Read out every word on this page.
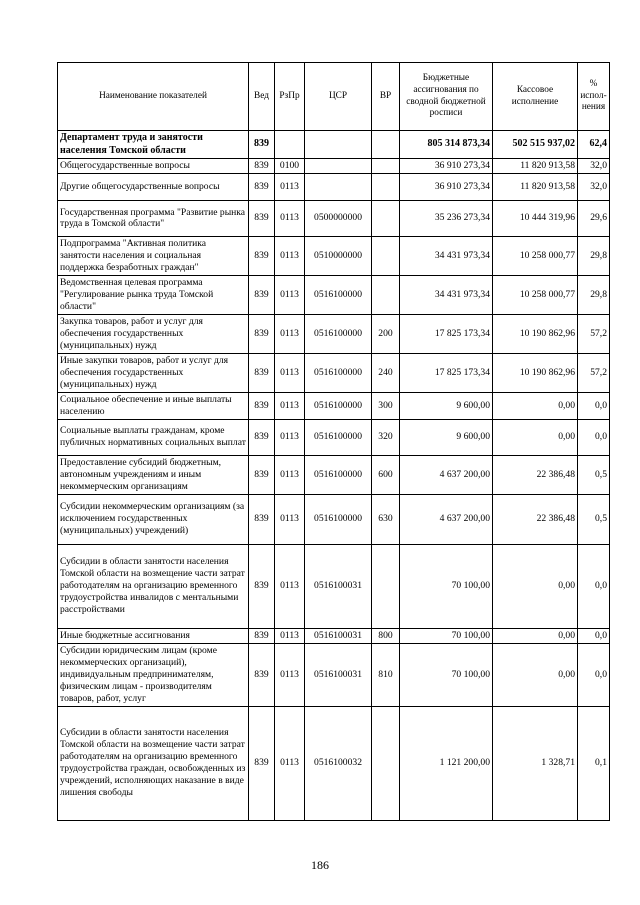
Наименование показателей	Вед	РзПр	ЦСР	ВР	Бюджетные ассигнования по сводной бюджетной росписи	Кассовое исполнение	% испол-нения
Департамент труда и занятости населения Томской области	839				805 314 873,34	502 515 937,02	62,4
Общегосударственные вопросы	839	0100			36 910 273,34	11 820 913,58	32,0
Другие общегосударственные вопросы	839	0113			36 910 273,34	11 820 913,58	32,0
Государственная программа "Развитие рынка труда в Томской области"	839	0113	0500000000		35 236 273,34	10 444 319,96	29,6
Подпрограмма "Активная политика занятости населения и социальная поддержка безработных граждан"	839	0113	0510000000		34 431 973,34	10 258 000,77	29,8
Ведомственная целевая программа "Регулирование рынка труда Томской области"	839	0113	0516100000		34 431 973,34	10 258 000,77	29,8
Закупка товаров, работ и услуг для обеспечения государственных (муниципальных) нужд	839	0113	0516100000	200	17 825 173,34	10 190 862,96	57,2
Иные закупки товаров, работ и услуг для обеспечения государственных (муниципальных) нужд	839	0113	0516100000	240	17 825 173,34	10 190 862,96	57,2
Социальное обеспечение и иные выплаты населению	839	0113	0516100000	300	9 600,00	0,00	0,0
Социальные выплаты гражданам, кроме публичных нормативных социальных выплат	839	0113	0516100000	320	9 600,00	0,00	0,0
Предоставление субсидий бюджетным, автономным учреждениям и иным некоммерческим организациям	839	0113	0516100000	600	4 637 200,00	22 386,48	0,5
Субсидии некоммерческим организациям (за исключением государственных (муниципальных) учреждений)	839	0113	0516100000	630	4 637 200,00	22 386,48	0,5
Субсидии в области занятости населения Томской области на возмещение части затрат работодателям на организацию временного трудоустройства инвалидов с ментальными расстройствами	839	0113	0516100031		70 100,00	0,00	0,0
Иные бюджетные ассигнования	839	0113	0516100031	800	70 100,00	0,00	0,0
Субсидии юридическим лицам (кроме некоммерческих организаций), индивидуальным предпринимателям, физическим лицам - производителям товаров, работ, услуг	839	0113	0516100031	810	70 100,00	0,00	0,0
Субсидии в области занятости населения Томской области на возмещение части затрат работодателям на организацию временного трудоустройства граждан, освобожденных из учреждений, исполняющих наказание в виде лишения свободы	839	0113	0516100032		1 121 200,00	1 328,71	0,1
186
